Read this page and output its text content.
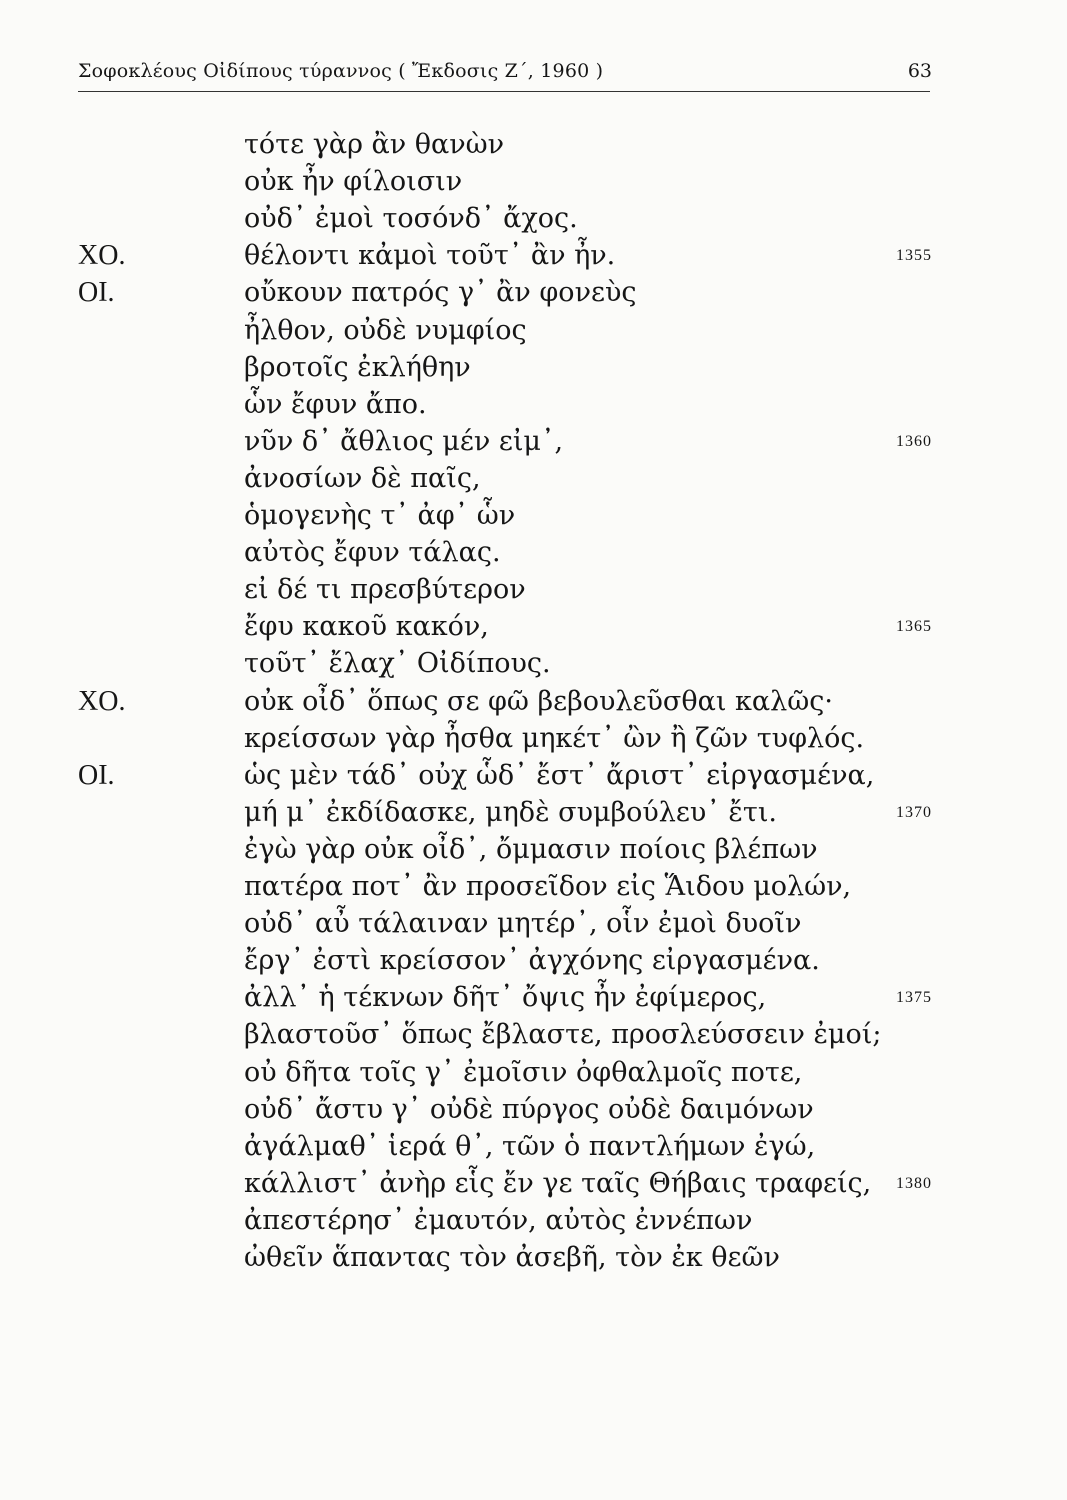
Σοφοκλέους Οἰδίπους τύραννος ( Ἔκδοσις Ζ΄, 1960 )	63
τότε γὰρ ἂν θανὼν
οὐκ ἦν φίλοισιν
οὐδ᾽ ἐμοὶ τοσόνδ᾽ ἄχος.
ΧΟ.	θέλοντι κἀμοὶ τοῦτ᾽ ἂν ἦν.	1355
ΟΙ.	οὔκουν πατρός γ᾽ ἂν φονεὺς
ἦλθον, οὐδὲ νυμφίος
βροτοῖς ἐκλήθην
ὧν ἔφυν ἄπο.
νῦν δ᾽ ἄθλιος μέν εἰμ᾽,	1360
ἀνοσίων δὲ παῖς,
ὁμογενὴς τ᾽ ἀφ᾽ ὧν
αὐτὸς ἔφυν τάλας.
εἰ δέ τι πρεσβύτερον
ἔφυ κακοῦ κακόν,	1365
τοῦτ᾽ ἔλαχ᾽ Οἰδίπους.
ΧΟ.	οὐκ οἶδ᾽ ὅπως σε φῶ βεβουλεῦσθαι καλῶς·
κρείσσων γὰρ ἦσθα μηκέτ᾽ ὢν ἢ ζῶν τυφλός.
ΟΙ.	ὡς μὲν τάδ᾽ οὐχ ὧδ᾽ ἔστ᾽ ἄριστ᾽ εἰργασμένα,
μή μ᾽ ἐκδίδασκε, μηδὲ συμβούλευ᾽ ἔτι.	1370
ἐγὼ γὰρ οὐκ οἶδ᾽, ὄμμασιν ποίοις βλέπων
πατέρα ποτ᾽ ἂν προσεῖδον εἰς Ἅιδου μολών,
οὐδ᾽ αὖ τάλαιναν μητέρ᾽, οἷν ἐμοὶ δυοῖν
ἔργ᾽ ἐστὶ κρείσσον᾽ ἀγχόνης εἰργασμένα.
ἀλλ᾽ ἡ τέκνων δῆτ᾽ ὄψις ἦν ἐφίμερος,	1375
βλαστοῦσ᾽ ὅπως ἔβλαστε, προσλεύσσειν ἐμοί;
οὐ δῆτα τοῖς γ᾽ ἐμοῖσιν ὀφθαλμοῖς ποτε,
οὐδ᾽ ἄστυ γ᾽ οὐδὲ πύργος οὐδὲ δαιμόνων
ἀγάλμαθ᾽ ἱερά θ᾽, τῶν ὁ παντλήμων ἐγώ,
κάλλιστ᾽ ἀνὴρ εἷς ἔν γε ταῖς Θήβαις τραφείς, 1380
ἀπεστέρησ᾽ ἐμαυτόν, αὐτὸς ἐννέπων
ὠθεῖν ἅπαντας τὸν ἀσεβῆ, τὸν ἐκ θεῶν
